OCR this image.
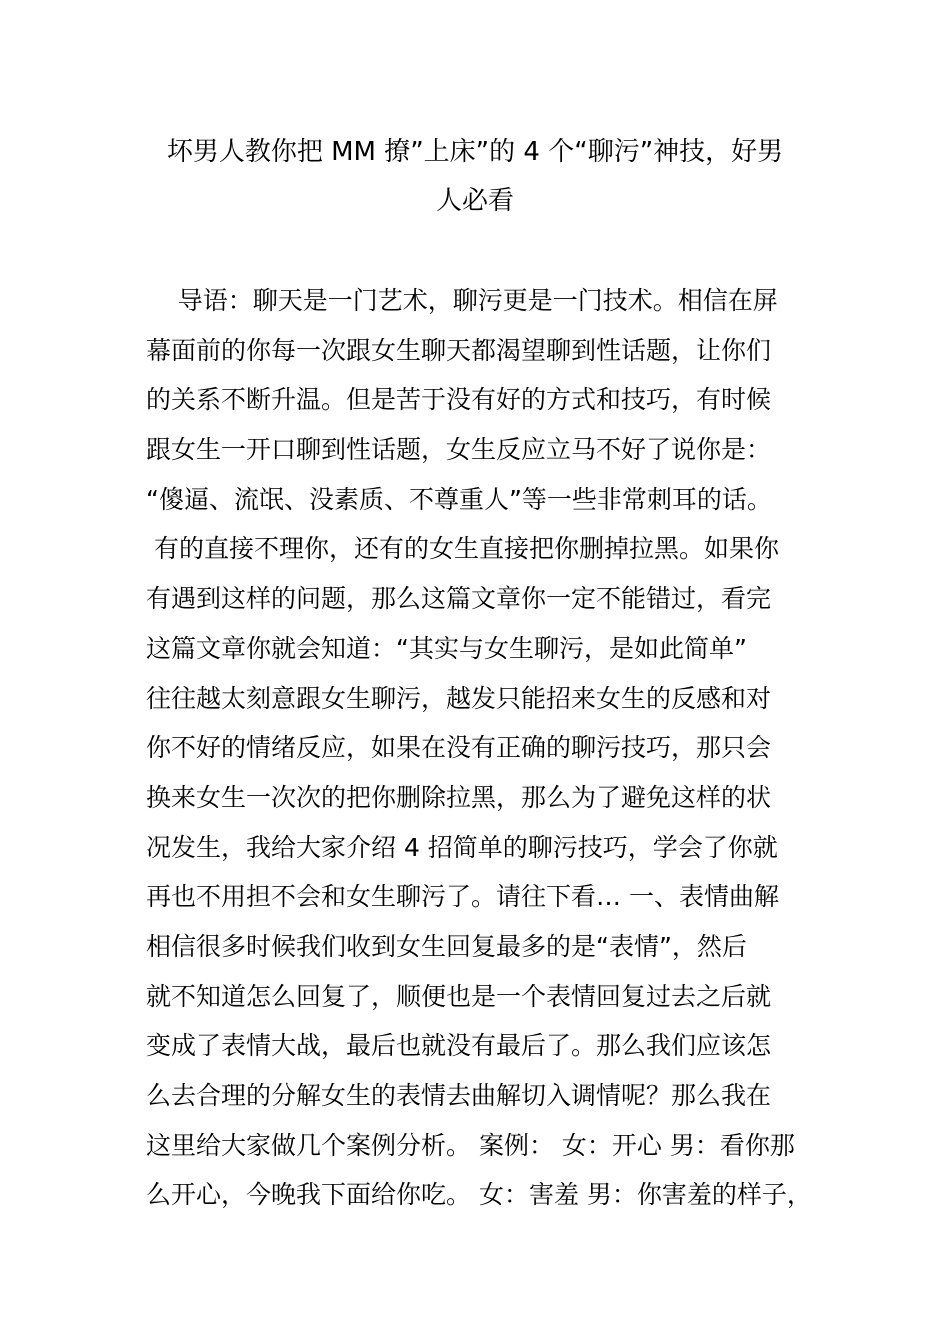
坏男人教你把 MM 撩”上床”的 4 个“聊污”神技，好男
人必看
导语：聊天是一门艺术，聊污更是一门技术。相信在屏
幕面前的你每一次跟女生聊天都渴望聊到性话题，让你们
的关系不断升温。但是苦于没有好的方式和技巧，有时候
跟女生一开口聊到性话题，女生反应立马不好了说你是：
“傻逼、流氓、没素质、不尊重人”等一些非常刺耳的话。
有的直接不理你，还有的女生直接把你删掉拉黑。如果你
有遇到这样的问题，那么这篇文章你一定不能错过，看完
这篇文章你就会知道：“其实与女生聊污，是如此简单”
往往越太刻意跟女生聊污，越发只能招来女生的反感和对
你不好的情绪反应，如果在没有正确的聊污技巧，那只会
换来女生一次次的把你删除拉黑，那么为了避免这样的状
况发生，我给大家介绍 4 招简单的聊污技巧，学会了你就
再也不用担不会和女生聊污了。请往下看… 一、表情曲解
相信很多时候我们收到女生回复最多的是“表情”，然后
就不知道怎么回复了，顺便也是一个表情回复过去之后就
变成了表情大战，最后也就没有最后了。那么我们应该怎
么去合理的分解女生的表情去曲解切入调情呢？那么我在
这里给大家做几个案例分析。 案例： 女：开心 男：看你那
么开心，今晚我下面给你吃。 女：害羞 男：你害羞的样子，
